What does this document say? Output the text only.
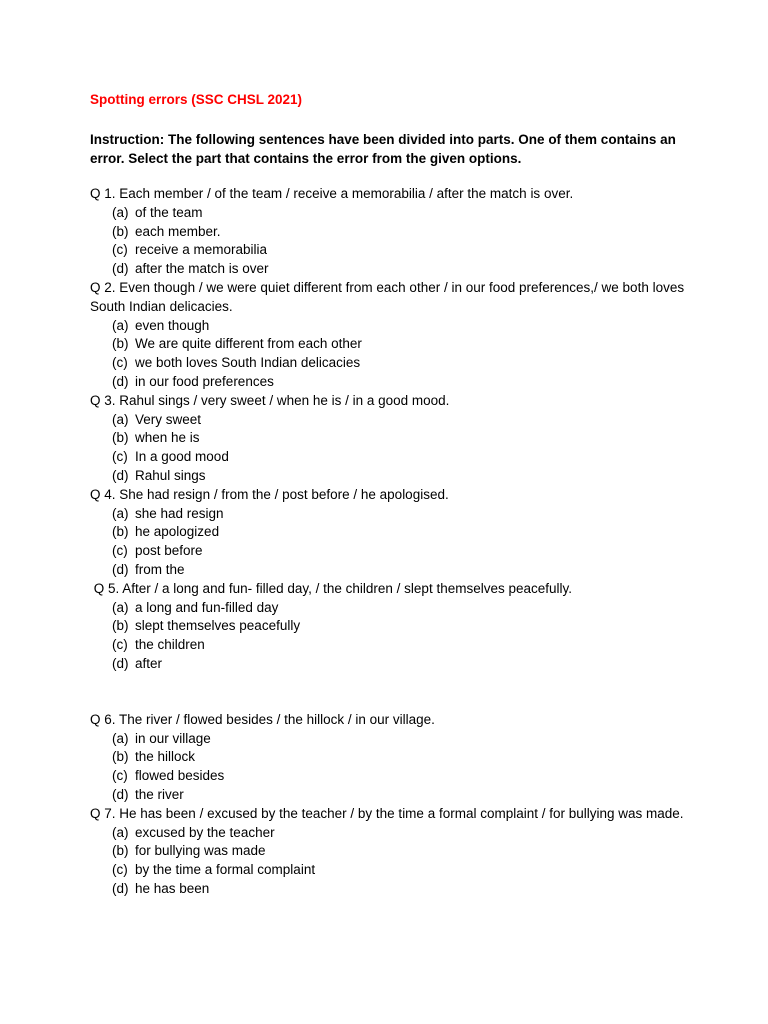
Spotting errors (SSC CHSL 2021)
Instruction: The following sentences have been divided into parts. One of them contains an error. Select the part that contains the error from the given options.

Q 1. Each member / of the team / receive a memorabilia / after the match is over.

(a) of the team
(b) each member.
(c) receive a memorabilia
(d) after the match is over

Q 2. Even though / we were quiet different from each other / in our food preferences,/ we both loves South Indian delicacies.

(a) even though
(b) We are quite different from each other
(c) we both loves South Indian delicacies
(d) in our food preferences

Q 3. Rahul sings / very sweet / when he is / in a good mood.

(a) Very sweet
(b) when he is
(c) In a good mood
(d) Rahul sings

Q 4. She had resign / from the / post before / he apologised.

(a) she had resign
(b) he apologized
(c) post before
(d) from the

Q 5. After / a long and fun- filled day, / the children / slept themselves peacefully.

(a) a long and fun-filled day
(b) slept themselves peacefully
(c) the children
(d) after

Q 6. The river / flowed besides / the hillock / in our village.

(a) in our village
(b) the hillock
(c) flowed besides
(d) the river

Q 7. He has been / excused by the teacher / by the time a formal complaint / for bullying was made.

(a) excused by the teacher
(b) for bullying was made
(c) by the time a formal complaint
(d) he has been
